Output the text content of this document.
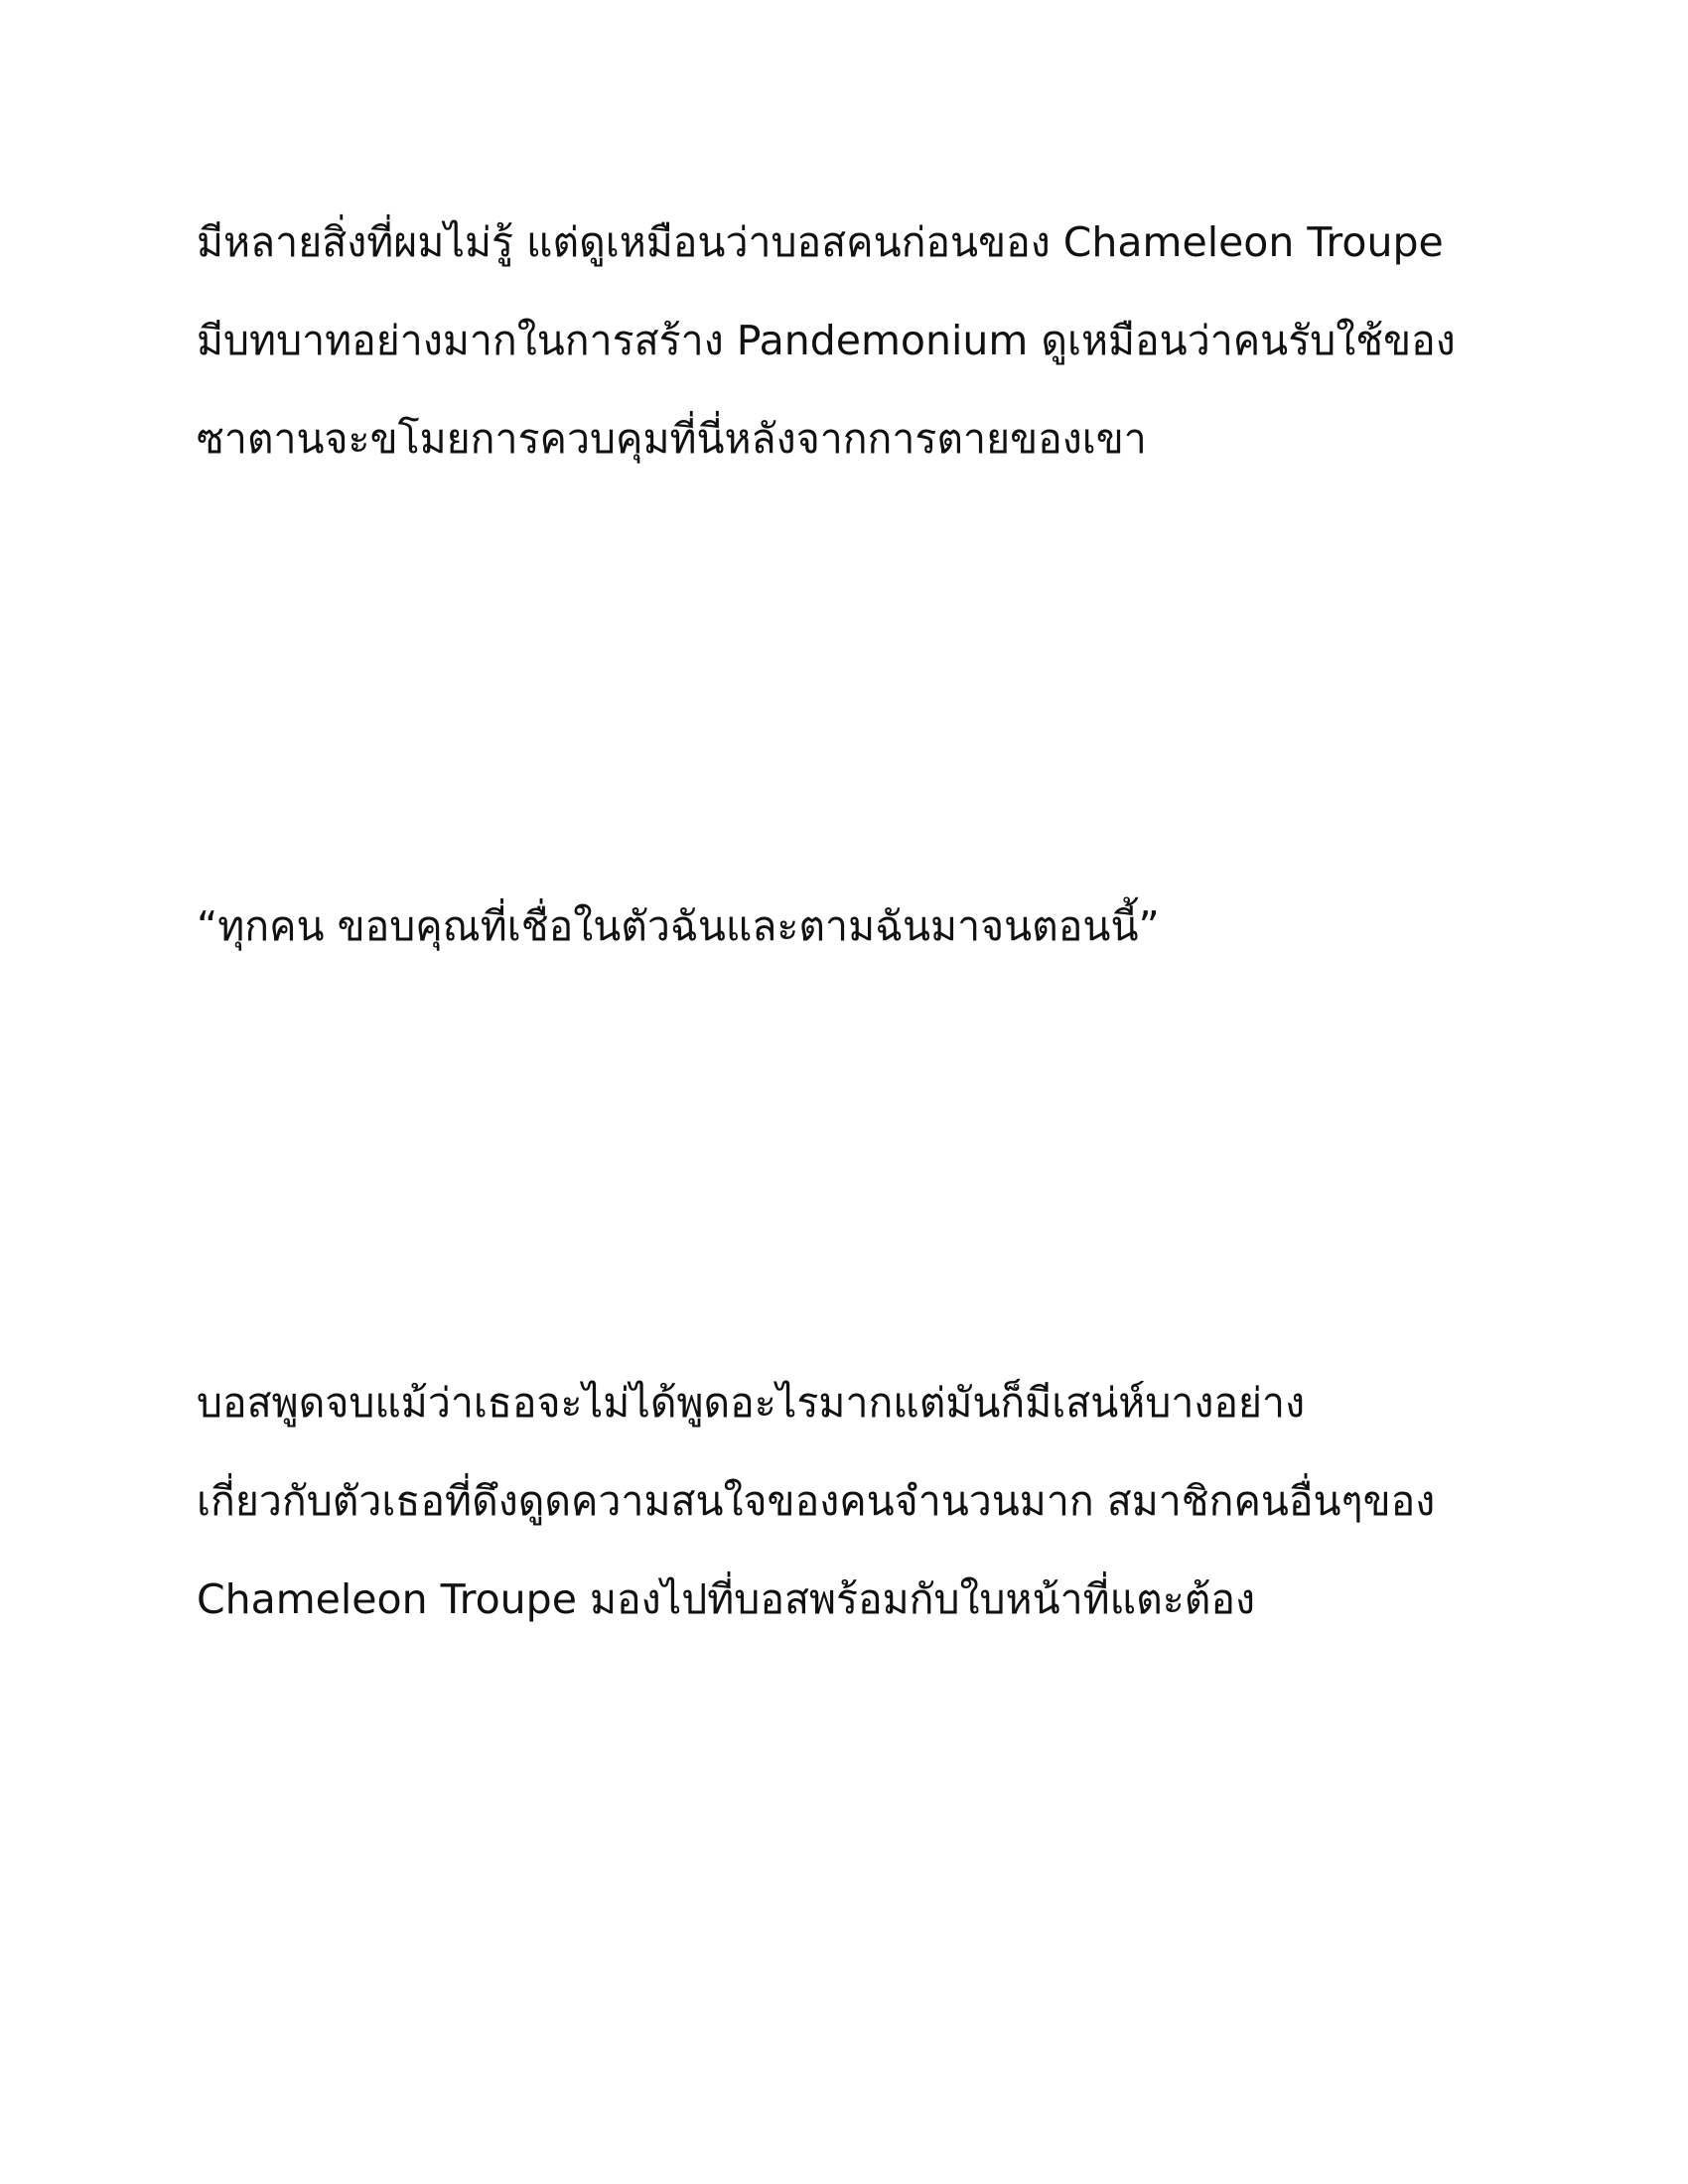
มีหลายสิ่งที่ผมไม่รู้ แต่ดูเหมือนว่าบอสคนก่อนของ Chameleon Troupe
มีบทบาทอย่างมากในการสร้าง Pandemonium ดูเหมือนว่าคนรับใช้ของ
ซาตานจะขโมยการควบคุมที่นี่หลังจากการตายของเขา
“ทุกคน ขอบคุณที่เชื่อในตัวฉันและตามฉันมาจนตอนนี้”
บอสพูดจบแม้ว่าเธอจะไม่ได้พูดอะไรมากแต่มันก็มีเสน่ห์บางอย่าง
เกี่ยวกับตัวเธอที่ดึงดูดความสนใจของคนจำนวนมาก สมาชิกคนอื่นๆของ
Chameleon Troupe มองไปที่บอสพร้อมกับใบหน้าที่แตะต้อง
